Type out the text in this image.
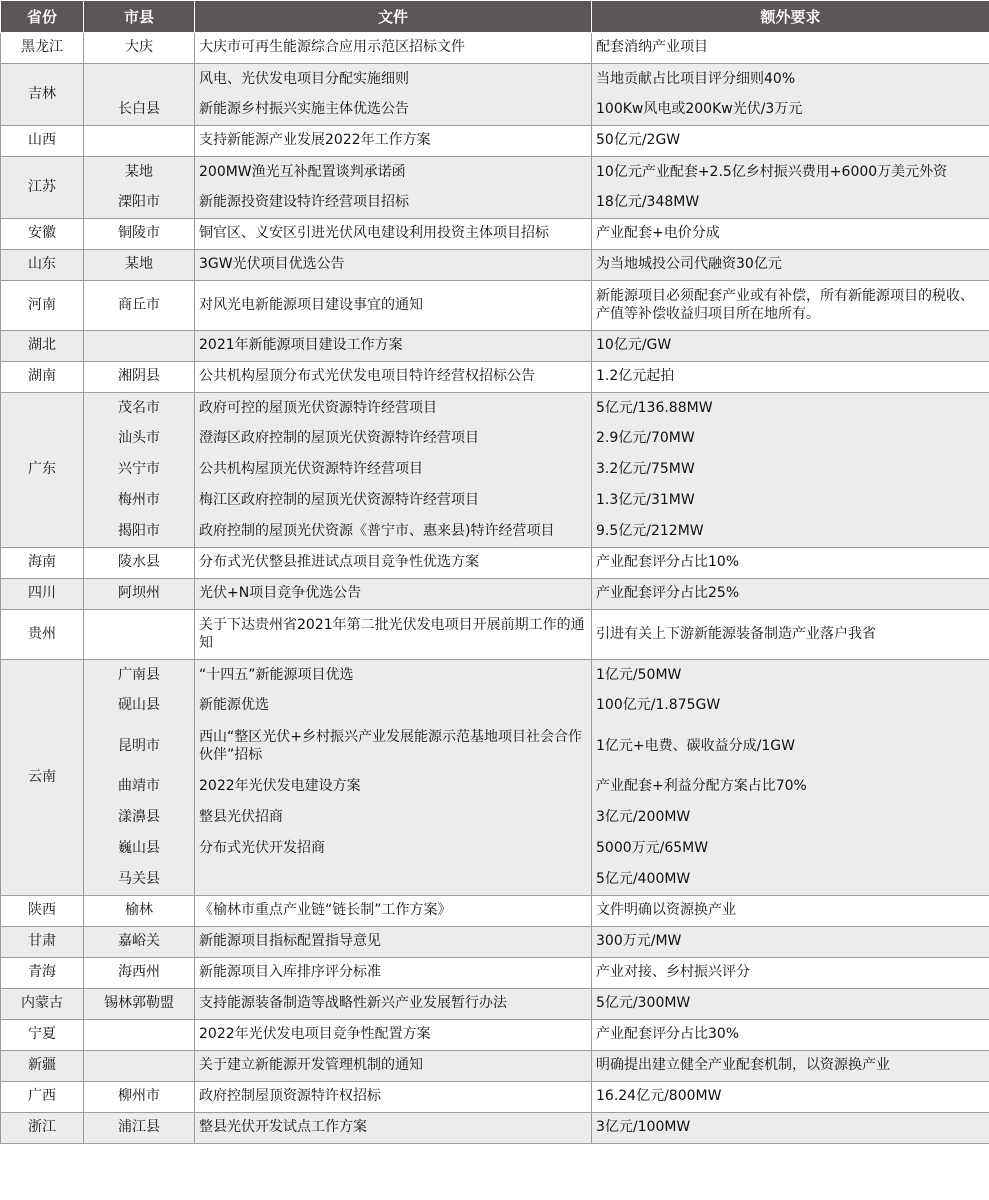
省份	市县	文件	额外要求
黑龙江	大庆	大庆市可再生能源综合应用示范区招标文件	配套消纳产业项目
吉林		风电、光伏发电项目分配实施细则	当地贡献占比项目评分细则40%
	长白县	新能源乡村振兴实施主体优选公告	100Kw风电或200Kw光伏/3万元
山西		支持新能源产业发展2022年工作方案	50亿元/2GW
江苏	某地	200MW渔光互补配置谈判承诺函	10亿元产业配套+2.5亿乡村振兴费用+6000万美元外资
	溧阳市	新能源投资建设特许经营项目招标	18亿元/348MW
安徽	铜陵市	铜官区、义安区引进光伏风电建设利用投资主体项目招标	产业配套+电价分成
山东	某地	3GW光伏项目优选公告	为当地城投公司代融资30亿元
河南	商丘市	对风光电新能源项目建设事宜的通知	新能源项目必须配套产业或有补偿，所有新能源项目的税收、产值等补偿收益归项目所在地所有。
湖北		2021年新能源项目建设工作方案	10亿元/GW
湖南	湘阴县	公共机构屋顶分布式光伏发电项目特许经营权招标公告	1.2亿元起拍
广东	茂名市	政府可控的屋顶光伏资源特许经营项目	5亿元/136.88MW
	汕头市	澄海区政府控制的屋顶光伏资源特许经营项目	2.9亿元/70MW
	兴宁市	公共机构屋顶光伏资源特许经营项目	3.2亿元/75MW
	梅州市	梅江区政府控制的屋顶光伏资源特许经营项目	1.3亿元/31MW
	揭阳市	政府控制的屋顶光伏资源《普宁市、惠来县)特许经营项目	9.5亿元/212MW
海南	陵水县	分布式光伏整县推进试点项目竞争性优选方案	产业配套评分占比10%
四川	阿坝州	光伏+N项目竞争优选公告	产业配套评分占比25%
贵州		关于下达贵州省2021年第二批光伏发电项目开展前期工作的通知	引进有关上下游新能源装备制造产业落户我省
云南	广南县	“十四五”新能源项目优选	1亿元/50MW
	砚山县	新能源优选	100亿元/1.875GW
	昆明市	西山“整区光伏+乡村振兴产业发展能源示范基地项目社会合作伙伴”招标	1亿元+电费、碳收益分成/1GW
	曲靖市	2022年光伏发电建设方案	产业配套+利益分配方案占比70%
	漾濞县	整县光伏招商	3亿元/200MW
	巍山县	分布式光伏开发招商	5000万元/65MW
	马关县		5亿元/400MW
陕西	榆林	《榆林市重点产业链“链长制”工作方案》	文件明确以资源换产业
甘肃	嘉峪关	新能源项目指标配置指导意见	300万元/MW
青海	海西州	新能源项目入库排序评分标准	产业对接、乡村振兴评分
内蒙古	锡林郭勒盟	支持能源装备制造等战略性新兴产业发展暂行办法	5亿元/300MW
宁夏		2022年光伏发电项目竞争性配置方案	产业配套评分占比30%
新疆		关于建立新能源开发管理机制的通知	明确提出建立健全产业配套机制，以资源换产业
广西	柳州市	政府控制屋顶资源特许权招标	16.24亿元/800MW
浙江	浦江县	整县光伏开发试点工作方案	3亿元/100MW
